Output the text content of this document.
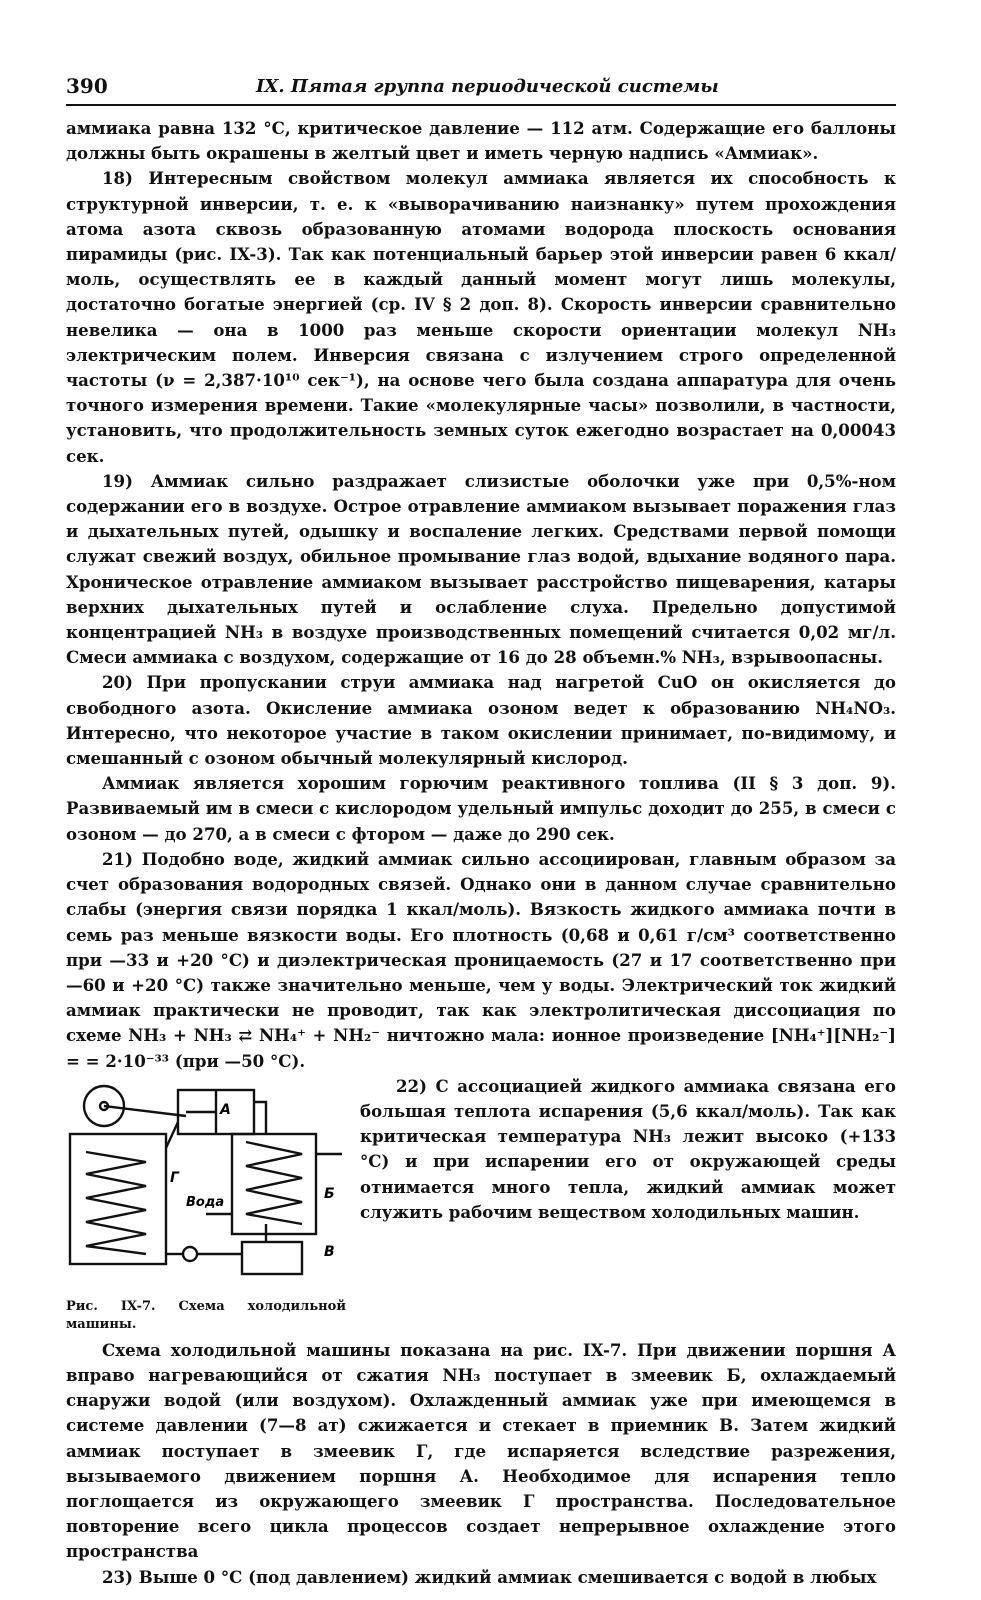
390	IX. Пятая группа периодической системы

аммиака равна 132 °С, критическое давление — 112 атм. Содержащие его баллоны должны быть окрашены в желтый цвет и иметь черную надпись «Аммиак».

18) Интересным свойством молекул аммиака является их способность к структурной инверсии, т. е. к «выворачиванию наизнанку» путем прохождения атома азота сквозь образованную атомами водорода плоскость основания пирамиды (рис. IX-3). Так как потенциальный барьер этой инверсии равен 6 ккал/моль, осуществлять ее в каждый данный момент могут лишь молекулы, достаточно богатые энергией (ср. IV § 2 доп. 8). Скорость инверсии сравнительно невелика — она в 1000 раз меньше скорости ориентации молекул NH₃ электрическим полем. Инверсия связана с излучением строго определенной частоты (ν = 2,387·10¹⁰ сек⁻¹), на основе чего была создана аппаратура для очень точного измерения времени. Такие «молекулярные часы» позволили, в частности, установить, что продолжительность земных суток ежегодно возрастает на 0,00043 сек.

19) Аммиак сильно раздражает слизистые оболочки уже при 0,5%-ном содержании его в воздухе. Острое отравление аммиаком вызывает поражения глаз и дыхательных путей, одышку и воспаление легких. Средствами первой помощи служат свежий воздух, обильное промывание глаз водой, вдыхание водяного пара. Хроническое отравление аммиаком вызывает расстройство пищеварения, катары верхних дыхательных путей и ослабление слуха. Предельно допустимой концентрацией NH₃ в воздухе производственных помещений считается 0,02 мг/л. Смеси аммиака с воздухом, содержащие от 16 до 28 объемн.% NH₃, взрывоопасны.

20) При пропускании струи аммиака над нагретой CuO он окисляется до свободного азота. Окисление аммиака озоном ведет к образованию NH₄NO₃. Интересно, что некоторое участие в таком окислении принимает, по-видимому, и смешанный с озоном обычный молекулярный кислород.

Аммиак является хорошим горючим реактивного топлива (II § 3 доп. 9). Развиваемый им в смеси с кислородом удельный импульс доходит до 255, в смеси с озоном — до 270, а в смеси с фтором — даже до 290 сек.

21) Подобно воде, жидкий аммиак сильно ассоциирован, главным образом за счет образования водородных связей. Однако они в данном случае сравнительно слабы (энергия связи порядка 1 ккал/моль). Вязкость жидкого аммиака почти в семь раз меньше вязкости воды. Его плотность (0,68 и 0,61 г/см³ соответственно при —33 и +20 °С) и диэлектрическая проницаемость (27 и 17 соответственно при —60 и +20 °С) также значительно меньше, чем у воды. Электрический ток жидкий аммиак практически не проводит, так как электролитическая диссоциация по схеме NH₃ + NH₃ ⇄ NH₄⁺ + NH₂⁻ ничтожно мала: ионное произведение [NH₄⁺][NH₂⁻] = = 2·10⁻³³ (при —50 °С).

А
Б
В
Г
Вода
Рис. IX-7. Схема холодильной машины.

22) С ассоциацией жидкого аммиака связана его большая теплота испарения (5,6 ккал/моль). Так как критическая температура NH₃ лежит высоко (+133 °С) и при испарении его от окружающей среды отнимается много тепла, жидкий аммиак может служить рабочим веществом холодильных машин.

Схема холодильной машины показана на рис. IX-7. При движении поршня А вправо нагревающийся от сжатия NH₃ поступает в змеевик Б, охлаждаемый снаружи водой (или воздухом). Охлажденный аммиак уже при имеющемся в системе давлении (7—8 ат) сжижается и стекает в приемник В. Затем жидкий аммиак поступает в змеевик Г, где испаряется вследствие разрежения, вызываемого движением поршня А. Необходимое для испарения тепло поглощается из окружающего змеевик Г пространства. Последовательное повторение всего цикла процессов создает непрерывное охлаждение этого пространства

23) Выше 0 °С (под давлением) жидкий аммиак смешивается с водой в любых
